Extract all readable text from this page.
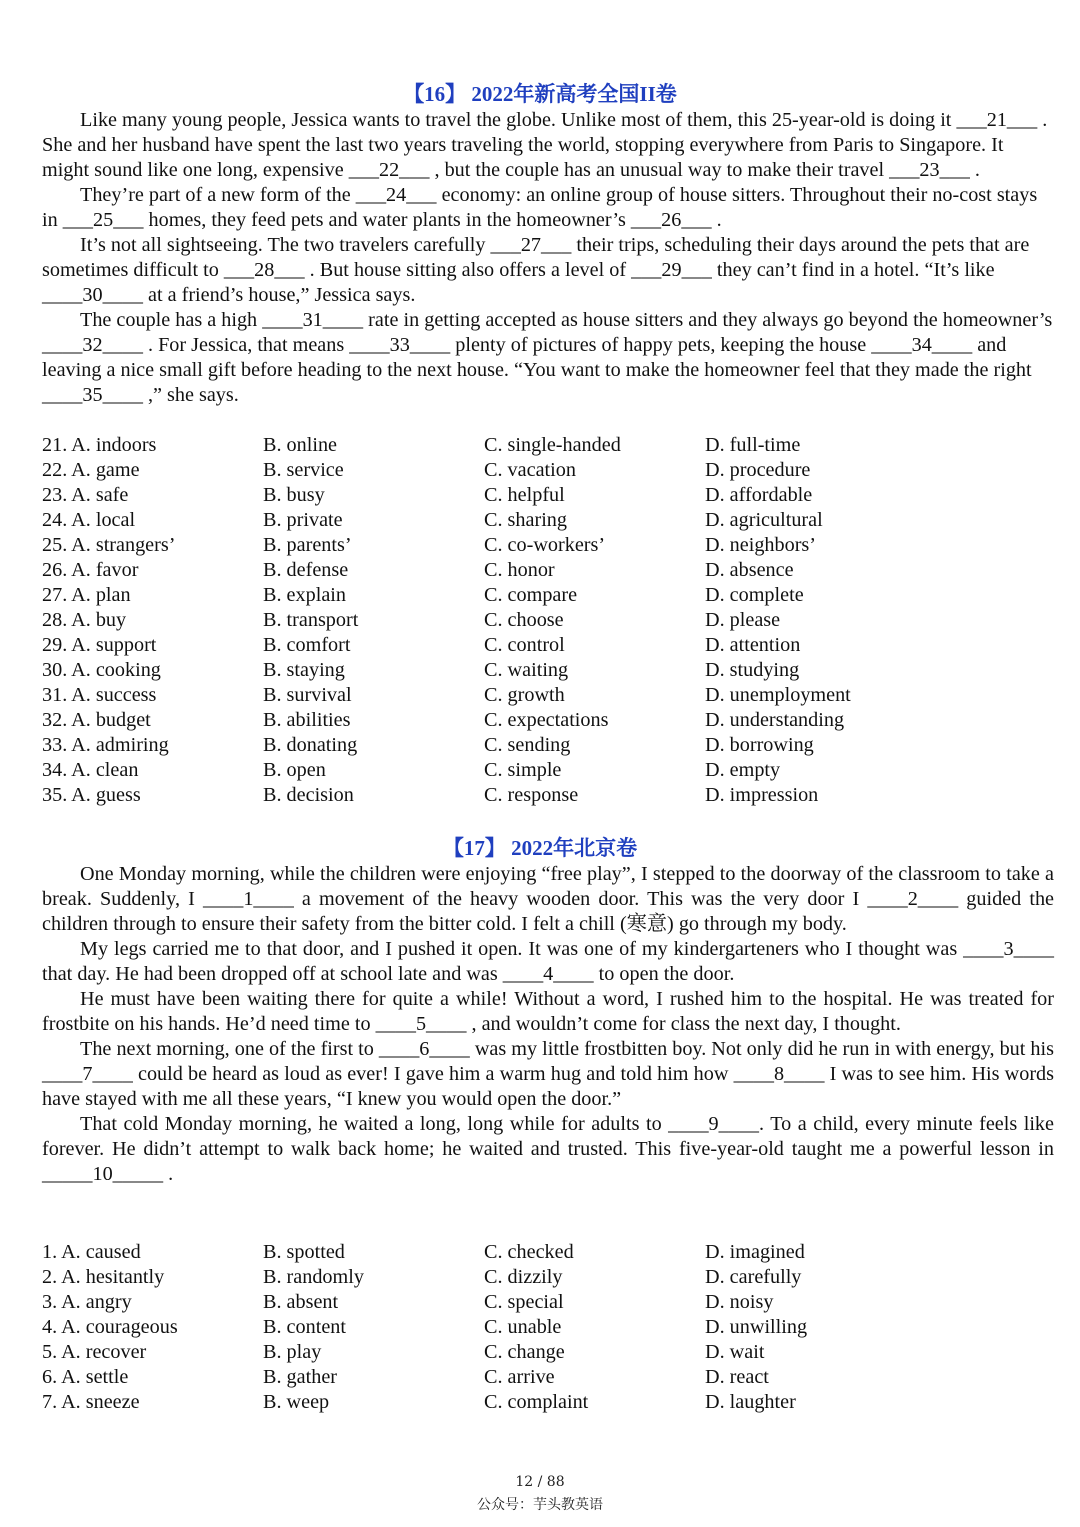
【16】 2022年新高考全国II卷

Like many young people, Jessica wants to travel the globe. Unlike most of them, this 25-year-old is doing it ___21___ . She and her husband have spent the last two years traveling the world, stopping everywhere from Paris to Singapore. It might sound like one long, expensive ___22___ , but the couple has an unusual way to make their travel ___23___ .

They’re part of a new form of the ___24___ economy: an online group of house sitters. Throughout their no-cost stays in ___25___ homes, they feed pets and water plants in the homeowner’s ___26___ .

It’s not all sightseeing. The two travelers carefully ___27___ their trips, scheduling their days around the pets that are sometimes difficult to ___28___ . But house sitting also offers a level of ___29___ they can’t find in a hotel. “It’s like ____30____ at a friend’s house,” Jessica says.

The couple has a high ____31____ rate in getting accepted as house sitters and they always go beyond the homeowner’s ____32____ . For Jessica, that means ____33____ plenty of pictures of happy pets, keeping the house ____34____ and leaving a nice small gift before heading to the next house. “You want to make the homeowner feel that they made the right ____35____ ,” she says.

21. A. indoors	B. online	C. single-handed	D. full-time
22. A. game	B. service	C. vacation	D. procedure
23. A. safe	B. busy	C. helpful	D. affordable
24. A. local	B. private	C. sharing	D. agricultural
25. A. strangers’	B. parents’	C. co-workers’	D. neighbors’
26. A. favor	B. defense	C. honor	D. absence
27. A. plan	B. explain	C. compare	D. complete
28. A. buy	B. transport	C. choose	D. please
29. A. support	B. comfort	C. control	D. attention
30. A. cooking	B. staying	C. waiting	D. studying
31. A. success	B. survival	C. growth	D. unemployment
32. A. budget	B. abilities	C. expectations	D. understanding
33. A. admiring	B. donating	C. sending	D. borrowing
34. A. clean	B. open	C. simple	D. empty
35. A. guess	B. decision	C. response	D. impression
【17】 2022年北京卷

One Monday morning, while the children were enjoying “free play”, I stepped to the doorway of the classroom to take a break. Suddenly, I ____1____ a movement of the heavy wooden door. This was the very door I ____2____ guided the children through to ensure their safety from the bitter cold. I felt a chill (寒意) go through my body.

My legs carried me to that door, and I pushed it open. It was one of my kindergarteners who I thought was ____3____ that day. He had been dropped off at school late and was ____4____ to open the door.

He must have been waiting there for quite a while! Without a word, I rushed him to the hospital. He was treated for frostbite on his hands. He’d need time to ____5____ , and wouldn’t come for class the next day, I thought.

The next morning, one of the first to ____6____ was my little frostbitten boy. Not only did he run in with energy, but his ____7____ could be heard as loud as ever! I gave him a warm hug and told him how ____8____ I was to see him. His words have stayed with me all these years, “I knew you would open the door.”

That cold Monday morning, he waited a long, long while for adults to ____9____. To a child, every minute feels like forever. He didn’t attempt to walk back home; he waited and trusted. This five-year-old taught me a powerful lesson in _____10_____ .

1. A. caused	B. spotted	C. checked	D. imagined
2. A. hesitantly	B. randomly	C. dizzily	D. carefully
3. A. angry	B. absent	C. special	D. noisy
4. A. courageous	B. content	C. unable	D. unwilling
5. A. recover	B. play	C. change	D. wait
6. A. settle	B. gather	C. arrive	D. react
7. A. sneeze	B. weep	C. complaint	D. laughter
12 / 88
公众号：芋头教英语
